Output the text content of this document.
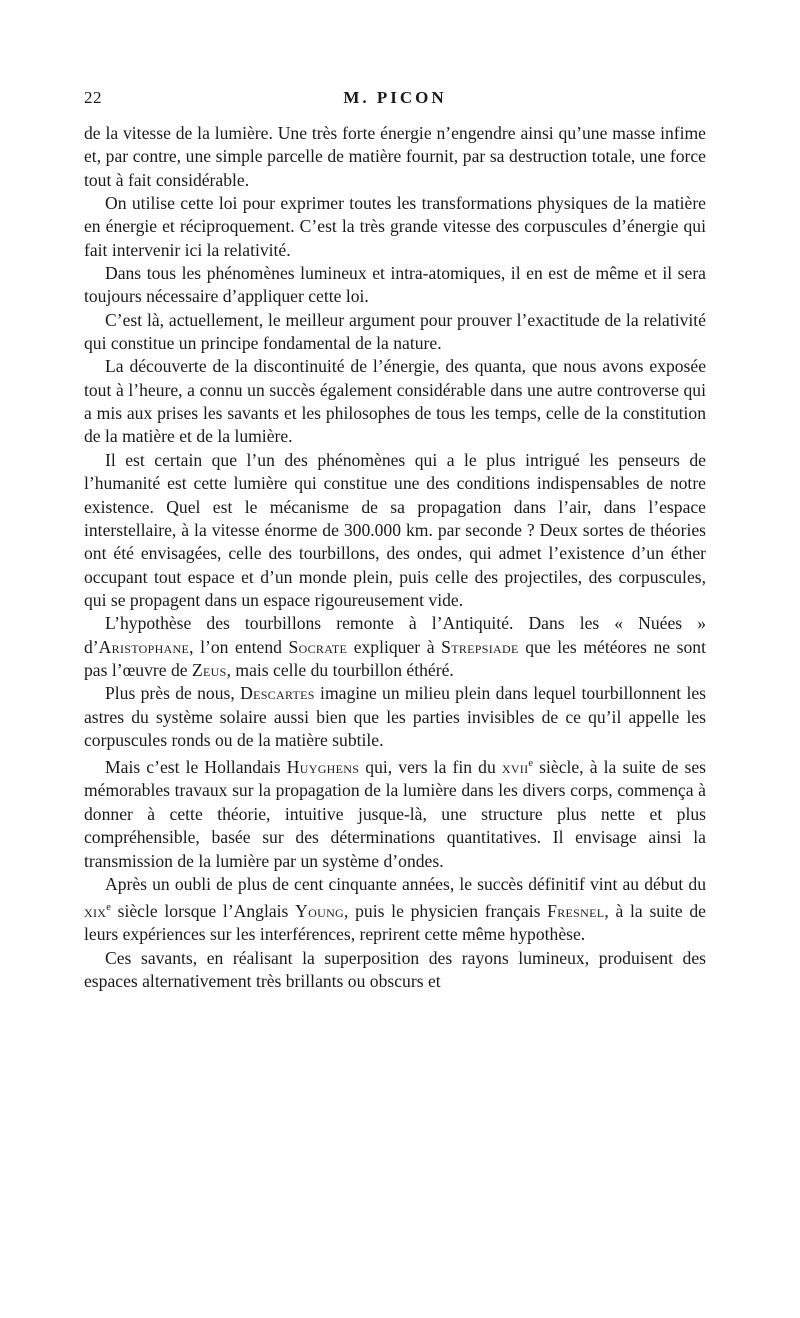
22	M. PICON

de la vitesse de la lumière. Une très forte énergie n’engendre ainsi qu’une masse infime et, par contre, une simple parcelle de matière fournit, par sa destruction totale, une force tout à fait considérable.

On utilise cette loi pour exprimer toutes les transformations physiques de la matière en énergie et réciproquement. C’est la très grande vitesse des corpuscules d’énergie qui fait intervenir ici la relativité.

Dans tous les phénomènes lumineux et intra-atomiques, il en est de même et il sera toujours nécessaire d’appliquer cette loi.

C’est là, actuellement, le meilleur argument pour prouver l’exactitude de la relativité qui constitue un principe fondamental de la nature.

La découverte de la discontinuité de l’énergie, des quanta, que nous avons exposée tout à l’heure, a connu un succès également considérable dans une autre controverse qui a mis aux prises les savants et les philosophes de tous les temps, celle de la constitution de la matière et de la lumière.

Il est certain que l’un des phénomènes qui a le plus intrigué les penseurs de l’humanité est cette lumière qui constitue une des conditions indispensables de notre existence. Quel est le mécanisme de sa propagation dans l’air, dans l’espace interstellaire, à la vitesse énorme de 300.000 km. par seconde ? Deux sortes de théories ont été envisagées, celle des tourbillons, des ondes, qui admet l’existence d’un éther occupant tout espace et d’un monde plein, puis celle des projectiles, des corpuscules, qui se propagent dans un espace rigoureusement vide.

L’hypothèse des tourbillons remonte à l’Antiquité. Dans les « Nuées » d’Aristophane, l’on entend Socrate expliquer à Strepsiade que les météores ne sont pas l’œuvre de Zeus, mais celle du tourbillon éthéré.

Plus près de nous, Descartes imagine un milieu plein dans lequel tourbillonnent les astres du système solaire aussi bien que les parties invisibles de ce qu’il appelle les corpuscules ronds ou de la matière subtile.

Mais c’est le Hollandais Huyghens qui, vers la fin du xvii$^e$ siècle, à la suite de ses mémorables travaux sur la propagation de la lumière dans les divers corps, commença à donner à cette théorie, intuitive jusque-là, une structure plus nette et plus compréhensible, basée sur des déterminations quantitatives. Il envisage ainsi la transmission de la lumière par un système d’ondes.

Après un oubli de plus de cent cinquante années, le succès définitif vint au début du xix$^e$ siècle lorsque l’Anglais Young, puis le physicien français Fresnel, à la suite de leurs expériences sur les interférences, reprirent cette même hypothèse.

Ces savants, en réalisant la superposition des rayons lumineux, produisent des espaces alternativement très brillants ou obscurs et
